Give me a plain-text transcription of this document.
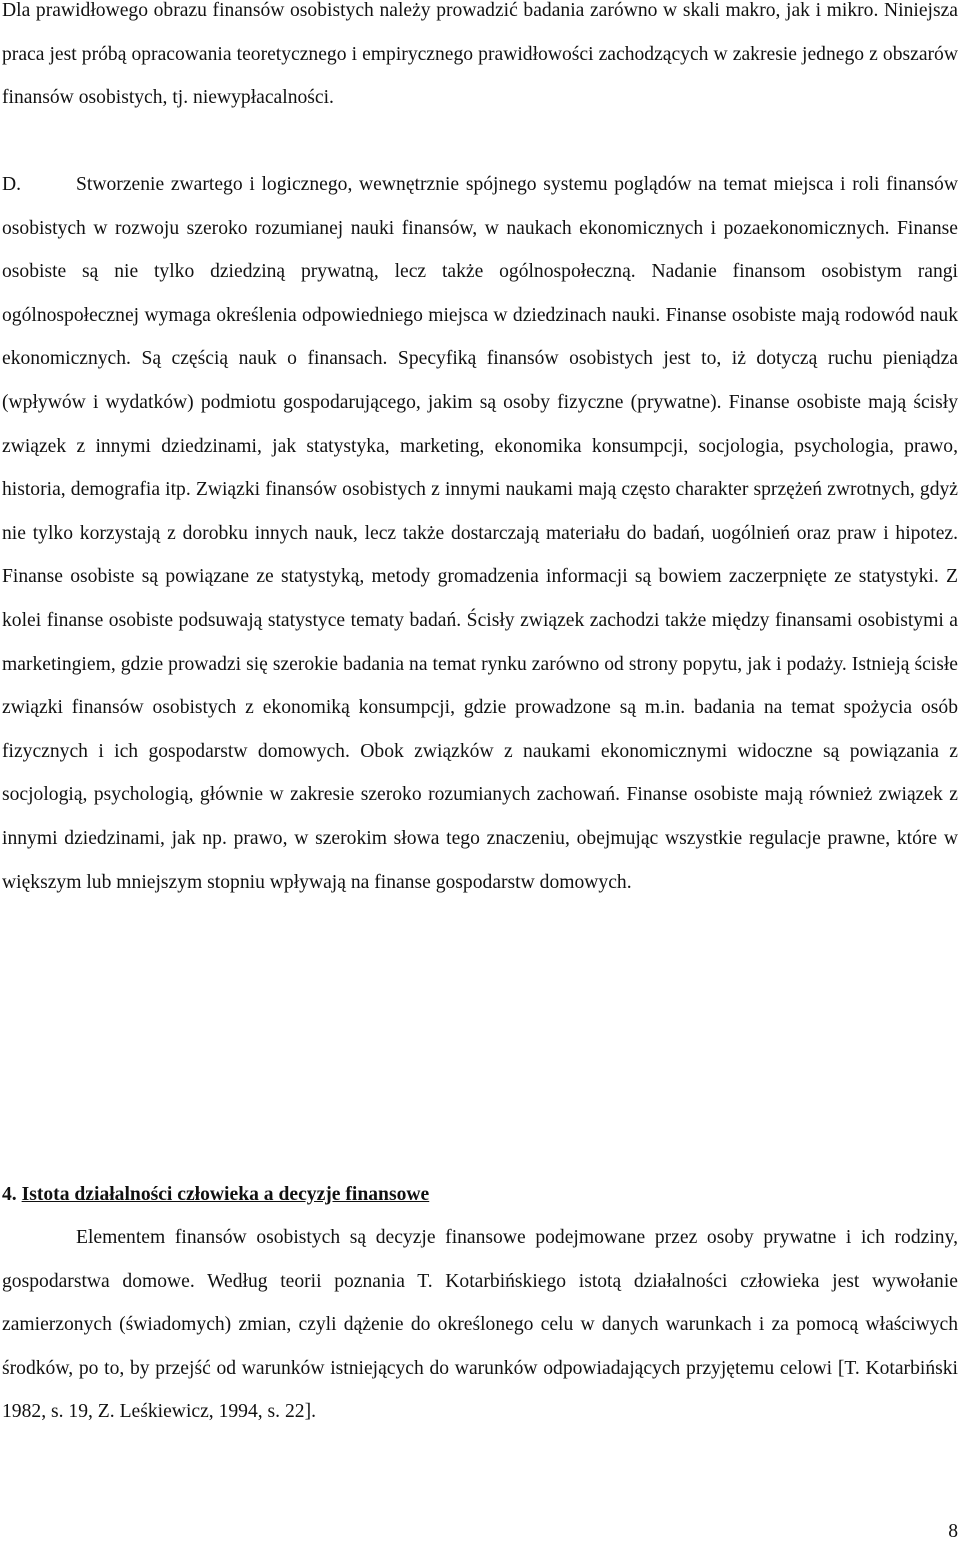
Dla prawidłowego obrazu finansów osobistych należy prowadzić badania zarówno w skali makro, jak i mikro. Niniejsza praca jest próbą opracowania teoretycznego i empirycznego prawidłowości zachodzących w zakresie jednego z obszarów finansów osobistych, tj. niewypłacalności.

D.	Stworzenie zwartego i logicznego, wewnętrznie spójnego systemu poglądów na temat miejsca i roli finansów osobistych w rozwoju szeroko rozumianej nauki finansów, w naukach ekonomicznych i pozaekonomicznych. Finanse osobiste są nie tylko dziedziną prywatną, lecz także ogólnospołeczną. Nadanie finansom osobistym rangi ogólnospołecznej wymaga określenia odpowiedniego miejsca w dziedzinach nauki. Finanse osobiste mają rodowód nauk ekonomicznych. Są częścią nauk o finansach. Specyfiką finansów osobistych jest to, iż dotyczą ruchu pieniądza (wpływów i wydatków) podmiotu gospodarującego, jakim są osoby fizyczne (prywatne). Finanse osobiste mają ścisły związek z innymi dziedzinami, jak statystyka, marketing, ekonomika konsumpcji, socjologia, psychologia, prawo, historia, demografia itp. Związki finansów osobistych z innymi naukami mają często charakter sprzężeń zwrotnych, gdyż nie tylko korzystają z dorobku innych nauk, lecz także dostarczają materiału do badań, uogólnień oraz praw i hipotez. Finanse osobiste są powiązane ze statystyką, metody gromadzenia informacji są bowiem zaczerpnięte ze statystyki. Z kolei finanse osobiste podsuwają statystyce tematy badań. Ścisły związek zachodzi także między finansami osobistymi a marketingiem, gdzie prowadzi się szerokie badania na temat rynku zarówno od strony popytu, jak i podaży. Istnieją ścisłe związki finansów osobistych z ekonomiką konsumpcji, gdzie prowadzone są m.in. badania na temat spożycia osób fizycznych i ich gospodarstw domowych. Obok związków z naukami ekonomicznymi widoczne są powiązania z socjologią, psychologią, głównie w zakresie szeroko rozumianych zachowań. Finanse osobiste mają również związek z innymi dziedzinami, jak np. prawo, w szerokim słowa tego znaczeniu, obejmując wszystkie regulacje prawne, które w większym lub mniejszym stopniu wpływają na finanse gospodarstw domowych.

4. Istota działalności człowieka a decyzje finansowe

Elementem finansów osobistych są decyzje finansowe podejmowane przez osoby prywatne i ich rodziny, gospodarstwa domowe. Według teorii poznania T. Kotarbińskiego istotą działalności człowieka jest wywołanie zamierzonych (świadomych) zmian, czyli dążenie do określonego celu w danych warunkach i za pomocą właściwych środków, po to, by przejść od warunków istniejących do warunków odpowiadających przyjętemu celowi [T. Kotarbiński 1982, s. 19, Z. Leśkiewicz, 1994, s. 22].

8
